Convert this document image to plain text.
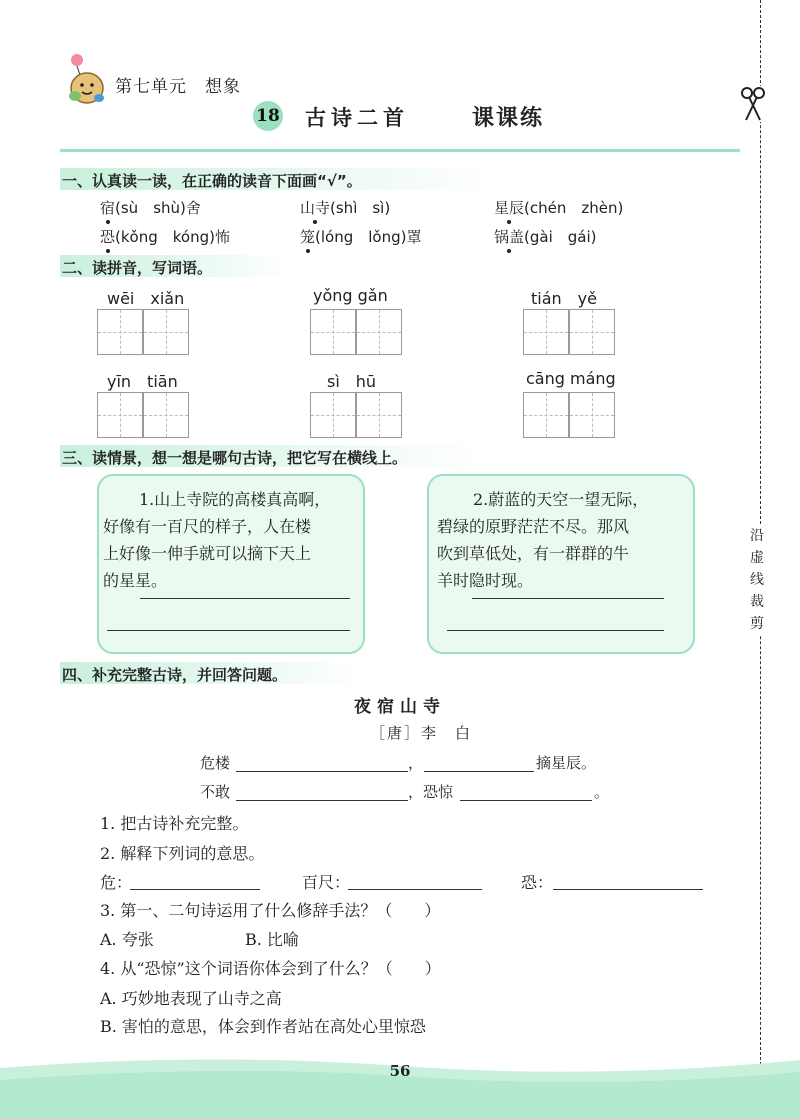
第七单元　想象
18 古诗二首	课课练
沿
虚
线
裁
剪
一、认真读一读，在正确的读音下面画“√”。
宿(sù　shù)舍	山寺(shì　sì)	星辰(chén　zhèn)
恐(kǒng　kóng)怖	笼(lóng　lǒng)罩	锅盖(gài　gái)
二、读拼音，写词语。
wēi　xiǎn	yǒng gǎn	tián　yě
yīn　tiān	sì　hū	cāng máng
三、读情景，想一想是哪句古诗，把它写在横线上。
1.山上寺院的高楼真高啊，
好像有一百尺的样子，人在楼
上好像一伸手就可以摘下天上
的星星。
2.蔚蓝的天空一望无际，
碧绿的原野茫茫不尽。那风
吹到草低处，有一群群的牛
羊时隐时现。
四、补充完整古诗，并回答问题。
夜宿山寺
［唐］李　白
危楼	，	摘星辰。
不敢	，恐惊	。
1. 把古诗补充完整。
2. 解释下列词的意思。
危：	百尺：	恐：
3. 第一、二句诗运用了什么修辞手法？（　　）
A. 夸张	B. 比喻
4. 从“恐惊”这个词语你体会到了什么？（　　）
A. 巧妙地表现了山寺之高
B. 害怕的意思，体会到作者站在高处心里惊恐
56
